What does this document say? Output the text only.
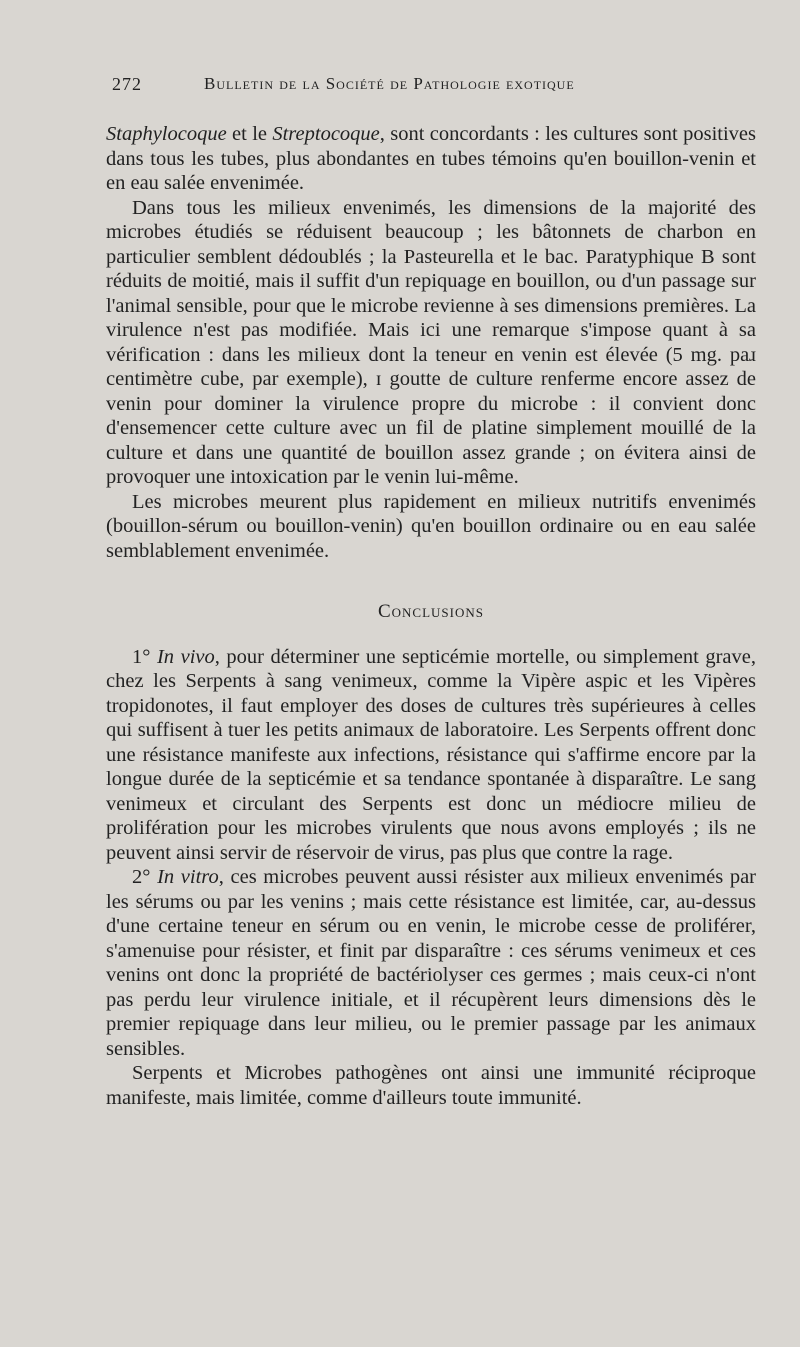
272	Bulletin de la Société de Pathologie exotique

Staphylocoque et le Streptocoque, sont concordants : les cultures sont positives dans tous les tubes, plus abondantes en tubes témoins qu'en bouillon-venin et en eau salée envenimée.

Dans tous les milieux envenimés, les dimensions de la majorité des microbes étudiés se réduisent beaucoup ; les bâtonnets de charbon en particulier semblent dédoublés ; la Pasteurella et le bac. Paratyphique B sont réduits de moitié, mais il suffit d'un repiquage en bouillon, ou d'un passage sur l'animal sensible, pour que le microbe revienne à ses dimensions premières. La virulence n'est pas modifiée. Mais ici une remarque s'impose quant à sa vérification : dans les milieux dont la teneur en venin est élevée (5 mg. paɹ centimètre cube, par exemple), ɪ goutte de culture renferme encore assez de venin pour dominer la virulence propre du microbe : il convient donc d'ensemencer cette culture avec un fil de platine simplement mouillé de la culture et dans une quantité de bouillon assez grande ; on évitera ainsi de provoquer une intoxication par le venin lui-même.

Les microbes meurent plus rapidement en milieux nutritifs envenimés (bouillon-sérum ou bouillon-venin) qu'en bouillon ordinaire ou en eau salée semblablement envenimée.

Conclusions

1° In vivo, pour déterminer une septicémie mortelle, ou simplement grave, chez les Serpents à sang venimeux, comme la Vipère aspic et les Vipères tropidonotes, il faut employer des doses de cultures très supérieures à celles qui suffisent à tuer les petits animaux de laboratoire. Les Serpents offrent donc une résistance manifeste aux infections, résistance qui s'affirme encore par la longue durée de la septicémie et sa tendance spontanée à disparaître. Le sang venimeux et circulant des Serpents est donc un médiocre milieu de prolifération pour les microbes virulents que nous avons employés ; ils ne peuvent ainsi servir de réservoir de virus, pas plus que contre la rage.

2° In vitro, ces microbes peuvent aussi résister aux milieux envenimés par les sérums ou par les venins ; mais cette résistance est limitée, car, au-dessus d'une certaine teneur en sérum ou en venin, le microbe cesse de proliférer, s'amenuise pour résister, et finit par disparaître : ces sérums venimeux et ces venins ont donc la propriété de bactériolyser ces germes ; mais ceux-ci n'ont pas perdu leur virulence initiale, et il récupèrent leurs dimensions dès le premier repiquage dans leur milieu, ou le premier passage par les animaux sensibles.

Serpents et Microbes pathogènes ont ainsi une immunité réciproque manifeste, mais limitée, comme d'ailleurs toute immunité.
